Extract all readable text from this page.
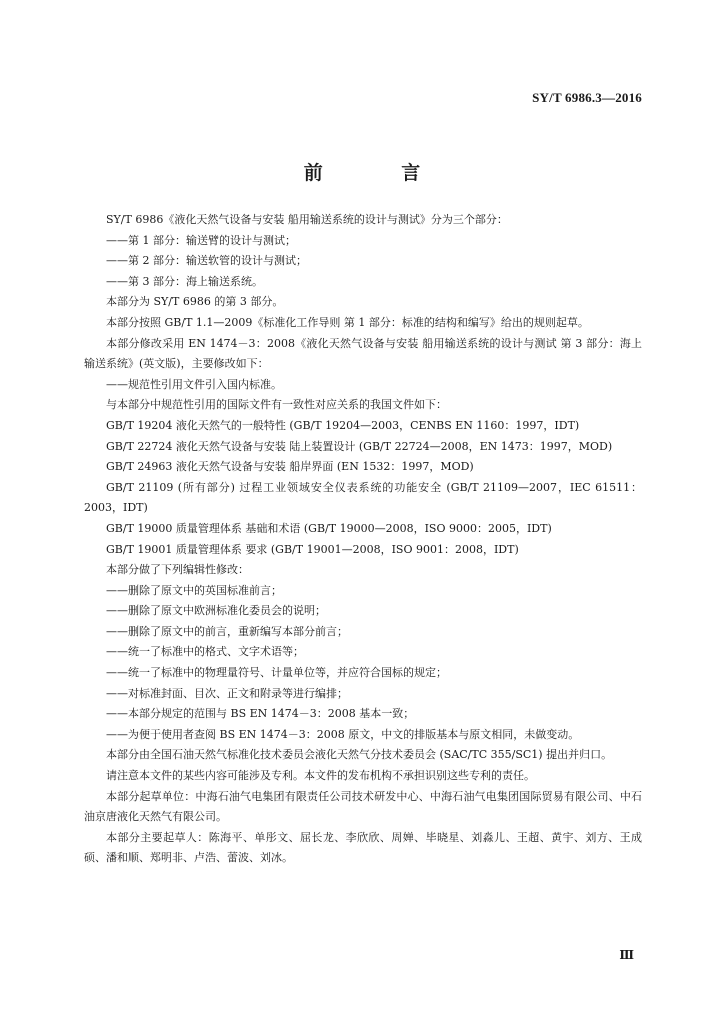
SY/T 6986.3—2016
前 言

SY/T 6986《液化天然气设备与安装 船用输送系统的设计与测试》分为三个部分：

——第 1 部分：输送臂的设计与测试；

——第 2 部分：输送软管的设计与测试；

——第 3 部分：海上输送系统。

本部分为 SY/T 6986 的第 3 部分。

本部分按照 GB/T 1.1—2009《标准化工作导则 第 1 部分：标准的结构和编写》给出的规则起草。

本部分修改采用 EN 1474－3：2008《液化天然气设备与安装 船用输送系统的设计与测试 第 3 部分：海上输送系统》(英文版)，主要修改如下：

——规范性引用文件引入国内标准。

与本部分中规范性引用的国际文件有一致性对应关系的我国文件如下：

GB/T 19204 液化天然气的一般特性 (GB/T 19204—2003，CENBS EN 1160：1997，IDT)

GB/T 22724 液化天然气设备与安装 陆上装置设计 (GB/T 22724—2008，EN 1473：1997，MOD)

GB/T 24963 液化天然气设备与安装 船岸界面 (EN 1532：1997，MOD)

GB/T 21109 (所有部分) 过程工业领域安全仪表系统的功能安全 (GB/T 21109—2007，IEC 61511：2003，IDT)

GB/T 19000 质量管理体系 基础和术语 (GB/T 19000—2008，ISO 9000：2005，IDT)

GB/T 19001 质量管理体系 要求 (GB/T 19001—2008，ISO 9001：2008，IDT)

本部分做了下列编辑性修改：

——删除了原文中的英国标准前言；

——删除了原文中欧洲标准化委员会的说明；

——删除了原文中的前言，重新编写本部分前言；

——统一了标准中的格式、文字术语等；

——统一了标准中的物理量符号、计量单位等，并应符合国标的规定；

——对标准封面、目次、正文和附录等进行编排；

——本部分规定的范围与 BS EN 1474－3：2008 基本一致；

——为便于使用者查阅 BS EN 1474－3：2008 原文，中文的排版基本与原文相同，未做变动。

本部分由全国石油天然气标准化技术委员会液化天然气分技术委员会 (SAC/TC 355/SC1) 提出并归口。

请注意本文件的某些内容可能涉及专利。本文件的发布机构不承担识别这些专利的责任。

本部分起草单位：中海石油气电集团有限责任公司技术研发中心、中海石油气电集团国际贸易有限公司、中石油京唐液化天然气有限公司。

本部分主要起草人：陈海平、单彤文、屈长龙、李欣欣、周婵、毕晓星、刘淼儿、王超、黄宇、刘方、王成硕、潘和顺、郑明非、卢浩、蕾波、刘冰。

Ⅲ
